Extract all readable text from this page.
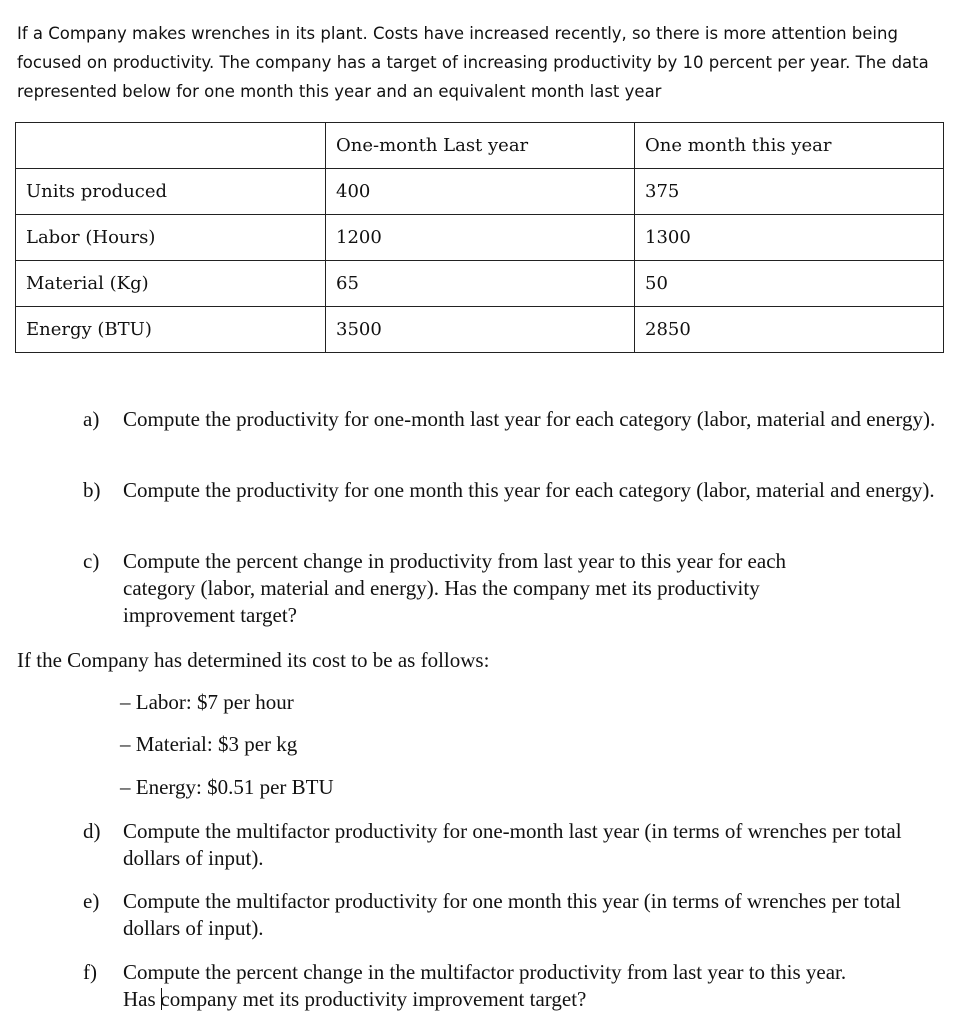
If a Company makes wrenches in its plant. Costs have increased recently, so there is more attention being focused on productivity. The company has a target of increasing productivity by 10 percent per year. The data represented below for one month this year and an equivalent month last year
	One-month Last year	One month this year
Units produced	400	375
Labor (Hours)	1200	1300
Material (Kg)	65	50
Energy (BTU)	3500	2850
a) Compute the productivity for one-month last year for each category (labor, material and energy).
b) Compute the productivity for one month this year for each category (labor, material and energy).
c) Compute the percent change in productivity from last year to this year for each category (labor, material and energy). Has the company met its productivity improvement target?
If the Company has determined its cost to be as follows:
– Labor: $7 per hour
– Material: $3 per kg
– Energy: $0.51 per BTU
d) Compute the multifactor productivity for one-month last year (in terms of wrenches per total dollars of input).
e) Compute the multifactor productivity for one month this year (in terms of wrenches per total dollars of input).
f) Compute the percent change in the multifactor productivity from last year to this year.
Has company met its productivity improvement target?
